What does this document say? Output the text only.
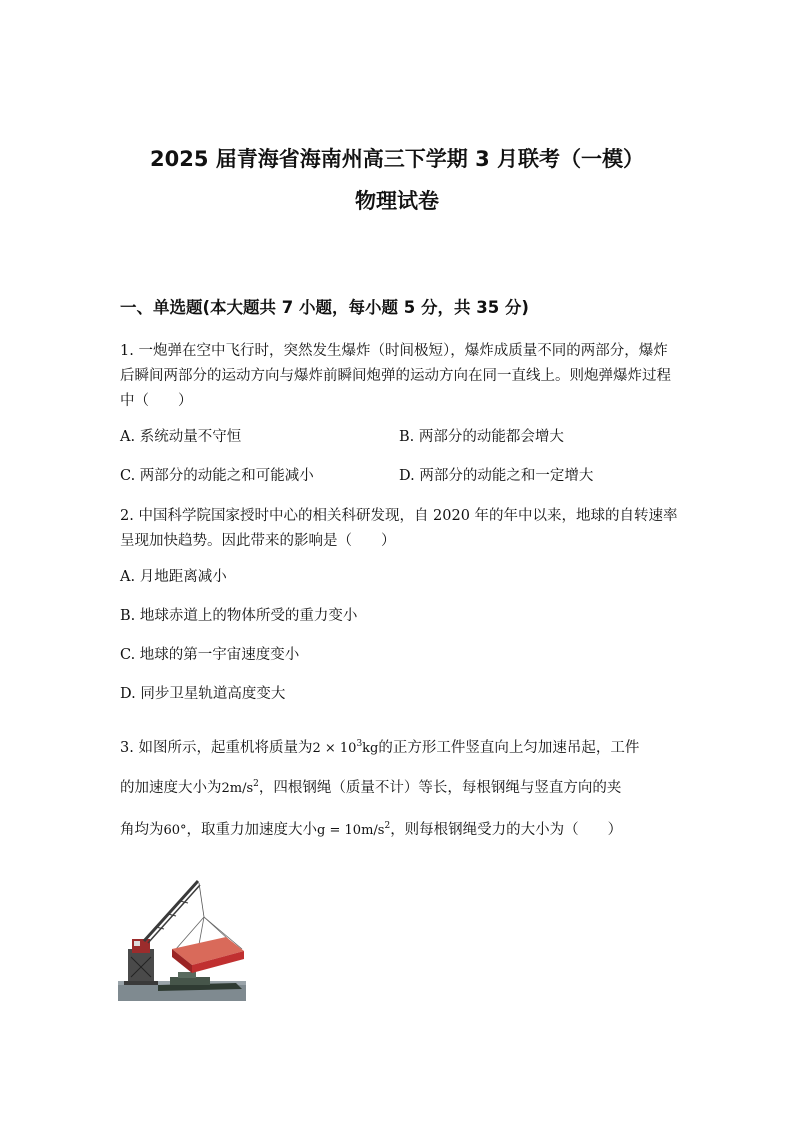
2025 届青海省海南州高三下学期 3 月联考（一模）
物理试卷
一、单选题(本大题共 7 小题，每小题 5 分，共 35 分)
1. 一炮弹在空中飞行时，突然发生爆炸（时间极短），爆炸成质量不同的两部分，爆炸后瞬间两部分的运动方向与爆炸前瞬间炮弹的运动方向在同一直线上。则炮弹爆炸过程中（　　）
A. 系统动量不守恒	B. 两部分的动能都会增大
C. 两部分的动能之和可能减小	D. 两部分的动能之和一定增大
2. 中国科学院国家授时中心的相关科研发现，自 2020 年的年中以来，地球的自转速率呈现加快趋势。因此带来的影响是（　　）
A. 月地距离减小
B. 地球赤道上的物体所受的重力变小
C. 地球的第一宇宙速度变小
D. 同步卫星轨道高度变大
3. 如图所示，起重机将质量为$2 \times 10^3kg$的正方形工件竖直向上匀加速吊起，工件
的加速度大小为$2m/s^2$，四根钢绳（质量不计）等长，每根钢绳与竖直方向的夹
角均为60°，取重力加速度大小$g = 10m/s^2$，则每根钢绳受力的大小为（　　）
